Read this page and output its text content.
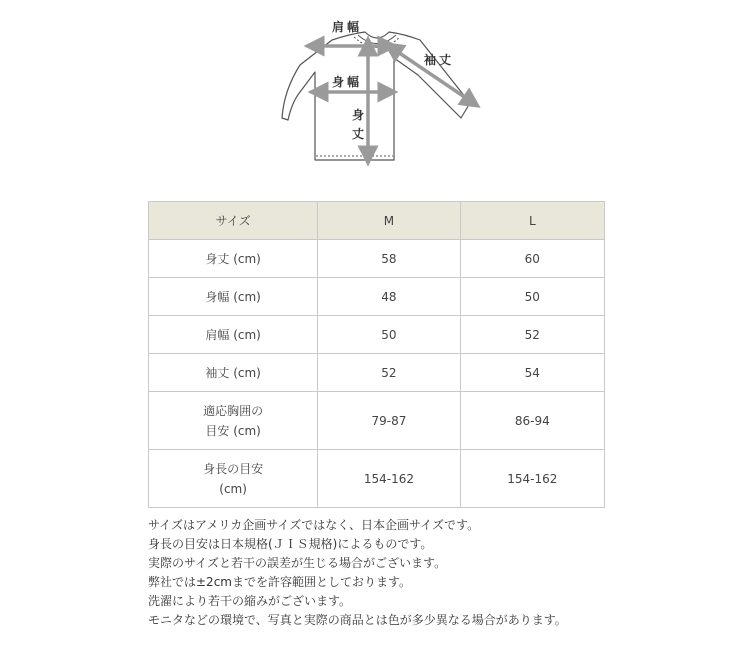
肩幅
袖丈
身幅
身
丈
サイズ	M	L
身丈 (cm)	58	60
身幅 (cm)	48	50
肩幅 (cm)	50	52
袖丈 (cm)	52	54
適応胸囲の
目安 (cm)	79-87	86-94
身長の目安
(cm)	154-162	154-162
サイズはアメリカ企画サイズではなく、日本企画サイズです。
身長の目安は日本規格(ＪＩＳ規格)によるものです。
実際のサイズと若干の誤差が生じる場合がございます。
弊社では±2cmまでを許容範囲としております。
洗濯により若干の縮みがございます。
モニタなどの環境で、写真と実際の商品とは色が多少異なる場合があります。
